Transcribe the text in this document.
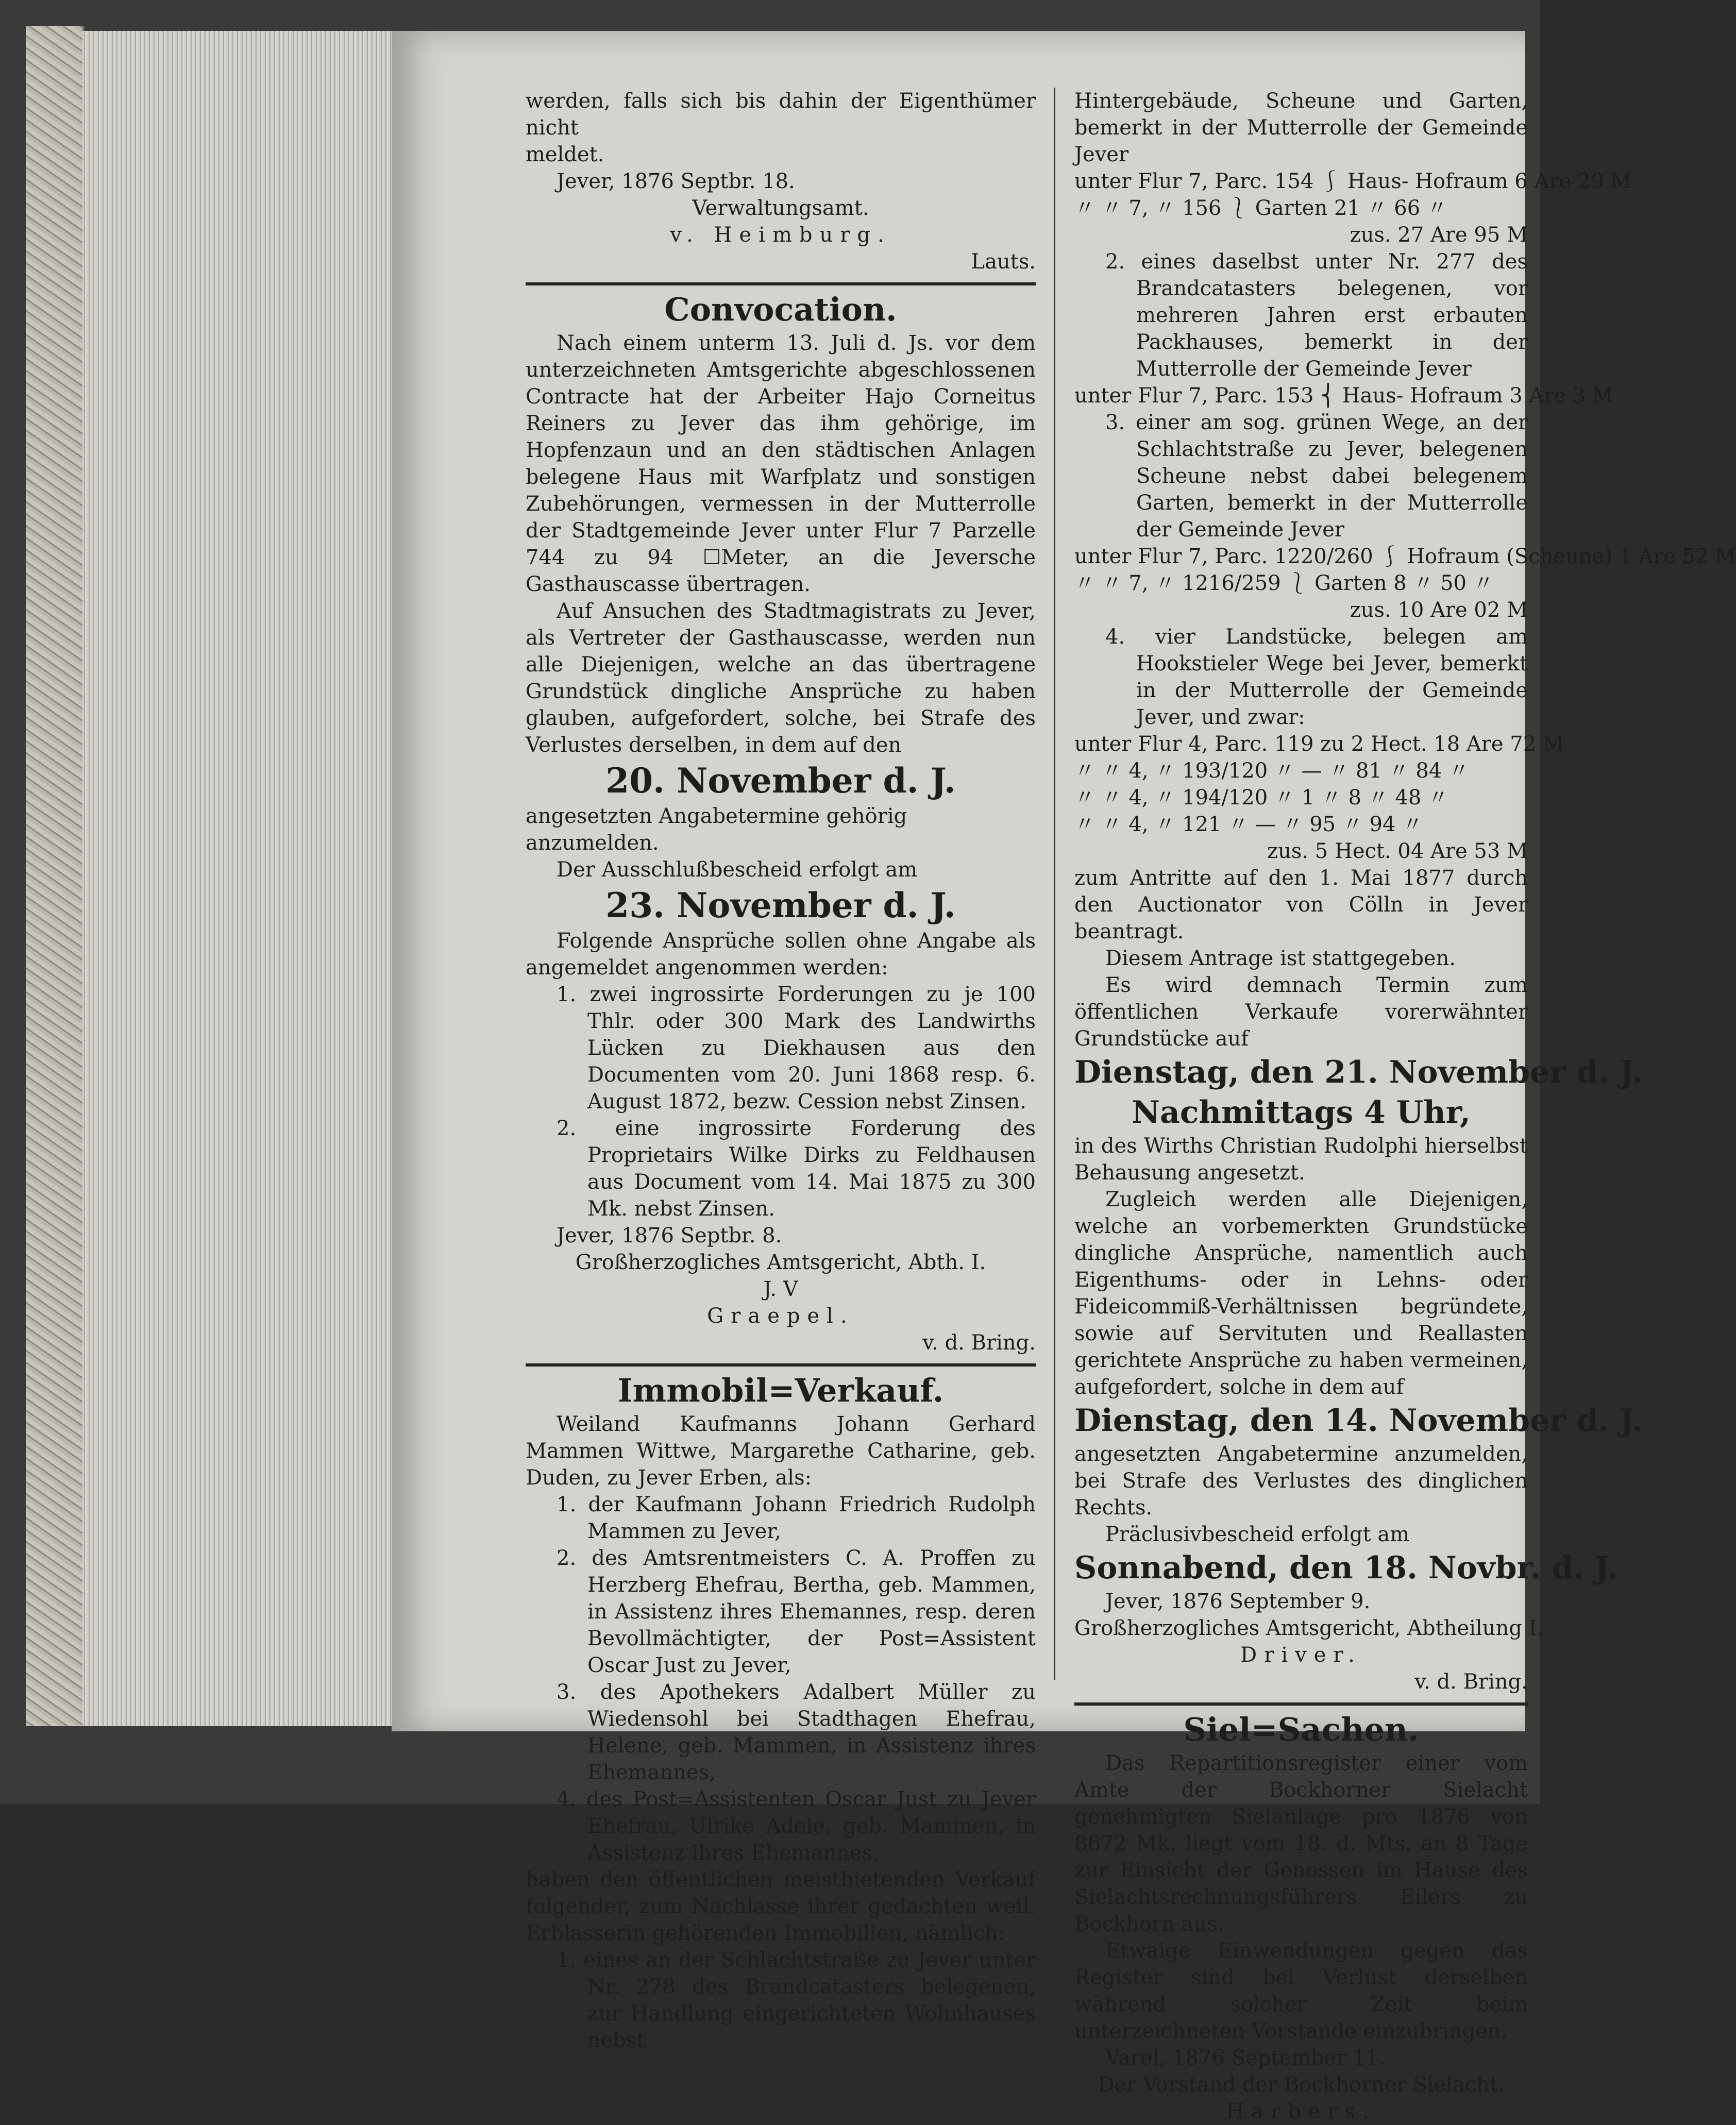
werden, falls sich bis dahin der Eigenthümer nicht

meldet.

Jever, 1876 Septbr. 18.

Verwaltungsamt.

v. Heimburg.

Lauts.

Convocation.

Nach einem unterm 13. Juli d. Js. vor dem unterzeichneten Amtsgerichte abgeschlossenen Contracte hat der Arbeiter Hajo Corneitus Reiners zu Jever das ihm gehörige, im Hopfenzaun und an den städtischen Anlagen belegene Haus mit Warfplatz und sonstigen Zubehörungen, vermessen in der Mutterrolle der Stadtgemeinde Jever unter Flur 7 Parzelle 744 zu 94 ☐Meter, an die Jeversche Gasthauscasse übertragen.

Auf Ansuchen des Stadtmagistrats zu Jever, als Vertreter der Gasthauscasse, werden nun alle Diejenigen, welche an das übertragene Grundstück dingliche Ansprüche zu haben glauben, aufgefordert, solche, bei Strafe des Verlustes derselben, in dem auf den

20. November d. J.

angesetzten Angabetermine gehörig anzumelden.

Der Ausschlußbescheid erfolgt am

23. November d. J.

Folgende Ansprüche sollen ohne Angabe als angemeldet angenommen werden:

1. zwei ingrossirte Forderungen zu je 100 Thlr. oder 300 Mark des Landwirths Lücken zu Diekhausen aus den Documenten vom 20. Juni 1868 resp. 6. August 1872, bezw. Cession nebst Zinsen.

2. eine ingrossirte Forderung des Proprietairs Wilke Dirks zu Feldhausen aus Document vom 14. Mai 1875 zu 300 Mk. nebst Zinsen.

Jever, 1876 Septbr. 8.

Großherzogliches Amtsgericht, Abth. I.

J. V

Graepel.

v. d. Bring.

Immobil=Verkauf.

Weiland Kaufmanns Johann Gerhard Mammen Wittwe, Margarethe Catharine, geb. Duden, zu Jever Erben, als:

1. der Kaufmann Johann Friedrich Rudolph Mammen zu Jever,

2. des Amtsrentmeisters C. A. Proffen zu Herzberg Ehefrau, Bertha, geb. Mammen, in Assistenz ihres Ehemannes, resp. deren Bevollmächtigter, der Post=Assistent Oscar Just zu Jever,

3. des Apothekers Adalbert Müller zu Wiedensohl bei Stadthagen Ehefrau, Helene, geb. Mammen, in Assistenz ihres Ehemannes,

4. des Post=Assistenten Oscar Just zu Jever Ehefrau, Ulrike Adele, geb. Mammen, in Assistenz ihres Ehemannes,

haben den öffentlichen meistbietenden Verkauf folgender, zum Nachlasse ihrer gedachten weil. Erblasserin gehörenden Immobilien, nämlich:

1. eines an der Schlachtstraße zu Jever unter Nr. 278 des Brandcatasters belegenen, zur Handlung eingerichteten Wohnhauses nebst

Hintergebäude, Scheune und Garten, bemerkt in der Mutterrolle der Gemeinde Jever

unter Flur 7, Parc. 154 ⎰ Haus- Hofraum 6 Are 29 M

〃 〃 7, 〃 156 ⎱ Garten 21 〃 66 〃

zus. 27 Are 95 M

2. eines daselbst unter Nr. 277 des Brandcatasters belegenen, vor mehreren Jahren erst erbauten Packhauses, bemerkt in der Mutterrolle der Gemeinde Jever

unter Flur 7, Parc. 153 ⎨ Haus- Hofraum 3 Are 3 M

3. einer am sog. grünen Wege, an der Schlachtstraße zu Jever, belegenen Scheune nebst dabei belegenem Garten, bemerkt in der Mutterrolle der Gemeinde Jever

unter Flur 7, Parc. 1220/260 ⎰ Hofraum (Scheune) 1 Are 52 M

〃 〃 7, 〃 1216/259 ⎱ Garten 8 〃 50 〃

zus. 10 Are 02 M

4. vier Landstücke, belegen am Hookstieler Wege bei Jever, bemerkt in der Mutterrolle der Gemeinde Jever, und zwar:

unter Flur 4, Parc. 119 zu 2 Hect. 18 Are 72 M

〃 〃 4, 〃 193/120 〃 — 〃 81 〃 84 〃

〃 〃 4, 〃 194/120 〃 1 〃 8 〃 48 〃

〃 〃 4, 〃 121 〃 — 〃 95 〃 94 〃

zus. 5 Hect. 04 Are 53 M

zum Antritte auf den 1. Mai 1877 durch den Auctionator von Cölln in Jever beantragt.

Diesem Antrage ist stattgegeben.

Es wird demnach Termin zum öffentlichen Verkaufe vorerwähnter Grundstücke auf

Dienstag, den 21. November d. J.

Nachmittags 4 Uhr,

in des Wirths Christian Rudolphi hierselbst Behausung angesetzt.

Zugleich werden alle Diejenigen, welche an vorbemerkten Grundstücke dingliche Ansprüche, namentlich auch Eigenthums- oder in Lehns- oder Fideicommiß-Verhältnissen begründete, sowie auf Servituten und Reallasten gerichtete Ansprüche zu haben vermeinen, aufgefordert, solche in dem auf

Dienstag, den 14. November d. J.

angesetzten Angabetermine anzumelden, bei Strafe des Verlustes des dinglichen Rechts.

Präclusivbescheid erfolgt am

Sonnabend, den 18. Novbr. d. J.

Jever, 1876 September 9.

Großherzogliches Amtsgericht, Abtheilung I.

Driver.

v. d. Bring.

Siel=Sachen.

Das Repartitionsregister einer vom Amte der Bockhorner Sielacht genehmigten Sielanlage pro 1876 von 8672 Mk. liegt vom 18. d. Mts. an 8 Tage zur Einsicht der Genossen im Hause des Sielachtsrechnungsführers Eilers zu Bockhorn aus.

Etwaige Einwendungen gegen das Register sind bei Verlust derselben während solcher Zeit beim unterzeichneten Vorstande einzubringen.

Varel, 1876 September 11.

Der Vorstand der Bockhorner Sielacht.

Harbers.
